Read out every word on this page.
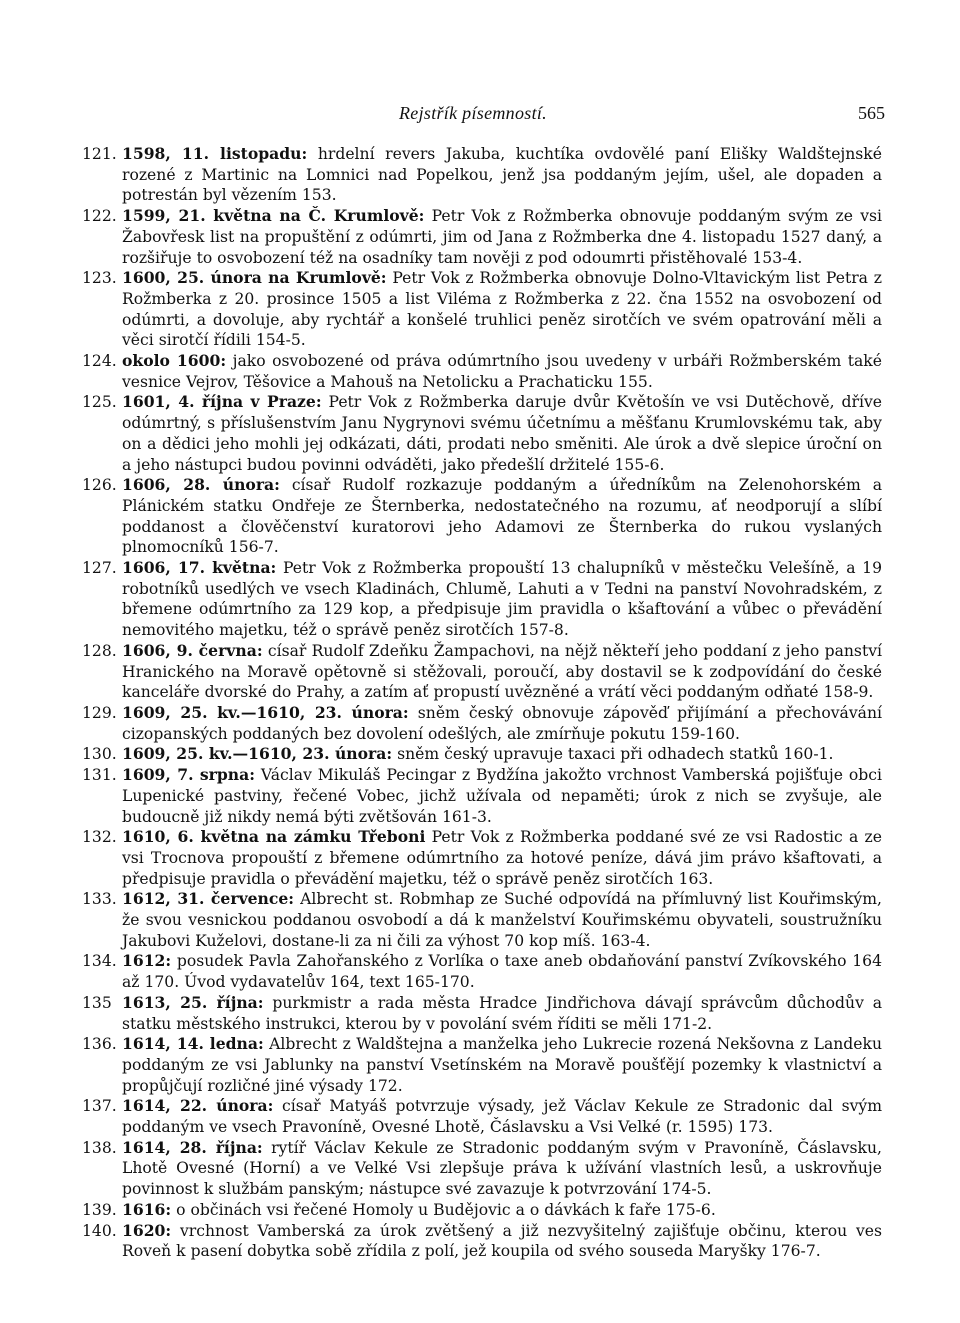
Rejstřík písemností.	565
121. 1598, 11. listopadu: hrdelní revers Jakuba, kuchtíka ovdovělé paní Elišky Waldštejnské rozené z Martinic na Lomnici nad Popelkou, jenž jsa poddaným jejím, ušel, ale dopaden a potrestán byl vězením 153.
122. 1599, 21. května na Č. Krumlově: Petr Vok z Rožmberka obnovuje poddaným svým ze vsi Žabovřesk list na propuštění z odúmrti, jim od Jana z Rožmberka dne 4. listopadu 1527 daný, a rozšiřuje to osvobození též na osadníky tam nověji z pod odoumrti přistěhovalé 153-4.
123. 1600, 25. února na Krumlově: Petr Vok z Rožmberka obnovuje Dolno-Vltavickým list Petra z Rožmberka z 20. prosince 1505 a list Viléma z Rožmberka z 22. čna 1552 na osvobození od odúmrti, a dovoluje, aby rychtář a konšelé truhlici peněz sirotčích ve svém opatrování měli a věci sirotčí řídili 154-5.
124. okolo 1600: jako osvobozené od práva odúmrtního jsou uvedeny v urbáři Rožmberském také vesnice Vejrov, Těšovice a Mahouš na Netolicku a Prachaticku 155.
125. 1601, 4. října v Praze: Petr Vok z Rožmberka daruje dvůr Květošín ve vsi Dutěchově, dříve odúmrtný, s příslušenstvím Janu Nygrynovi svému účetnímu a měšťanu Krumlovskému tak, aby on a dědici jeho mohli jej odkázati, dáti, prodati nebo směniti. Ale úrok a dvě slepice úroční on a jeho nástupci budou povinni odváděti, jako předešlí držitelé 155-6.
126. 1606, 28. února: císař Rudolf rozkazuje poddaným a úředníkům na Zelenohorském a Plánickém statku Ondřeje ze Šternberka, nedostatečného na rozumu, ať neodporují a slíbí poddanost a člověčenství kuratorovi jeho Adamovi ze Šternberka do rukou vyslaných plnomocníků 156-7.
127. 1606, 17. května: Petr Vok z Rožmberka propouští 13 chalupníků v městečku Velešíně, a 19 robotníků usedlých ve vsech Kladinách, Chlumě, Lahuti a v Tedni na panství Novohradském, z břemene odúmrtního za 129 kop, a předpisuje jim pravidla o kšaftování a vůbec o převádění nemovitého majetku, též o správě peněz sirotčích 157-8.
128. 1606, 9. června: císař Rudolf Zdeňku Žampachovi, na nějž někteří jeho poddaní z jeho panství Hranického na Moravě opětovně si stěžovali, poroučí, aby dostavil se k zodpovídání do české kanceláře dvorské do Prahy, a zatím ať propustí uvězněné a vrátí věci poddaným odňaté 158-9.
129. 1609, 25. kv.—1610, 23. února: sněm český obnovuje zápověď přijímání a přechovávání cizopanských poddaných bez dovolení odešlých, ale zmírňuje pokutu 159-160.
130. 1609, 25. kv.—1610, 23. února: sněm český upravuje taxaci při odhadech statků 160-1.
131. 1609, 7. srpna: Václav Mikuláš Pecingar z Bydžína jakožto vrchnost Vamberská pojišťuje obci Lupenické pastviny, řečené Vobec, jichž užívala od nepaměti; úrok z nich se zvyšuje, ale budoucně již nikdy nemá býti zvětšován 161-3.
132. 1610, 6. května na zámku Třeboni Petr Vok z Rožmberka poddané své ze vsi Radostic a ze vsi Trocnova propouští z břemene odúmrtního za hotové peníze, dává jim právo kšaftovati, a předpisuje pravidla o převádění majetku, též o správě peněz sirotčích 163.
133. 1612, 31. července: Albrecht st. Robmhap ze Suché odpovídá na přímluvný list Kouřimským, že svou vesnickou poddanou osvobodí a dá k manželství Kouřimskému obyvateli, soustružníku Jakubovi Kuželovi, dostane-li za ni čili za výhost 70 kop míš. 163-4.
134. 1612: posudek Pavla Zahořanského z Vorlíka o taxe aneb obdaňování panství Zvíkovského 164 až 170. Úvod vydavatelův 164, text 165-170.
135 1613, 25. října: purkmistr a rada města Hradce Jindřichova dávají správcům důchodův a statku městského instrukci, kterou by v povolání svém říditi se měli 171-2.
136. 1614, 14. ledna: Albrecht z Waldštejna a manželka jeho Lukrecie rozená Nekšovna z Landeku poddaným ze vsi Jablunky na panství Vsetínském na Moravě poušťějí pozemky k vlastnictví a propůjčují rozličné jiné výsady 172.
137. 1614, 22. února: císař Matyáš potvrzuje výsady, jež Václav Kekule ze Stradonic dal svým poddaným ve vsech Pravoníně, Ovesné Lhotě, Čáslavsku a Vsi Velké (r. 1595) 173.
138. 1614, 28. října: rytíř Václav Kekule ze Stradonic poddaným svým v Pravoníně, Čáslavsku, Lhotě Ovesné (Horní) a ve Velké Vsi zlepšuje práva k užívání vlastních lesů, a uskrovňuje povinnost k službám panským; nástupce své zavazuje k potvrzování 174-5.
139. 1616: o občinách vsi řečené Homoly u Budějovic a o dávkách k faře 175-6.
140. 1620: vrchnost Vamberská za úrok zvětšený a již nezvyšitelný zajišťuje občinu, kterou ves Roveň k pasení dobytka sobě zřídila z polí, jež koupila od svého souseda Maryšky 176-7.
